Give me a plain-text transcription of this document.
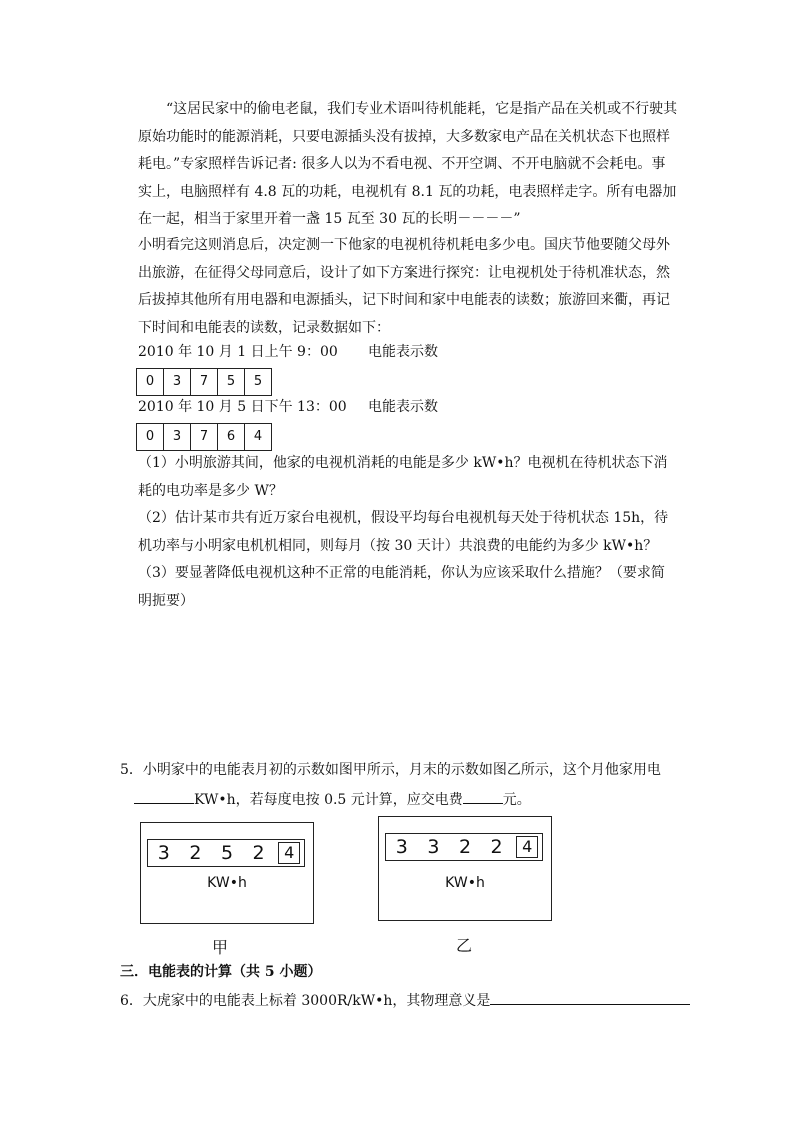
“这居民家中的偷电老鼠，我们专业术语叫待机能耗，它是指产品在关机或不行驶其原始功能时的能源消耗，只要电源插头没有拔掉，大多数家电产品在关机状态下也照样耗电。”专家照样告诉记者: 很多人以为不看电视、不开空调、不开电脑就不会耗电。事实上，电脑照样有 4.8 瓦的功耗，电视机有 8.1 瓦的功耗，电表照样走字。所有电器加在一起，相当于家里开着一盏 15 瓦至 30 瓦的长明－－－－”
小明看完这则消息后，决定测一下他家的电视机待机耗电多少电。国庆节他要随父母外出旅游，在征得父母同意后，设计了如下方案进行探究：让电视机处于待机准状态，然后拔掉其他所有用电器和电源插头，记下时间和家中电能表的读数；旅游回来衢，再记下时间和电能表的读数，记录数据如下：
2010 年 10 月 1 日上午 9：00 电能表示数
0	3	7	5	5
2010 年 10 月 5 日下午 13：00 电能表示数
0	3	7	6	4
（1）小明旅游其间，他家的电视机消耗的电能是多少 kW•h？电视机在待机状态下消耗的电功率是多少 W？
（2）估计某市共有近万家台电视机，假设平均每台电视机每天处于待机状态 15h，待机功率与小明家电机机相同，则每月（按 30 天计）共浪费的电能约为多少 kW•h？
（3）要显著降低电视机这种不正常的电能消耗，你认为应该采取什么措施？（要求简明扼要）
5．小明家中的电能表月初的示数如图甲所示，月末的示数如图乙所示，这个月他家用电
KW•h，若每度电按 0.5 元计算，应交电费	元。
3	2	5	2	4
KW•h
甲
3	3	2	2	4
KW•h
乙
三．电能表的计算（共 5 小题）
6．大虎家中的电能表上标着 3000R/kW•h，其物理意义是
